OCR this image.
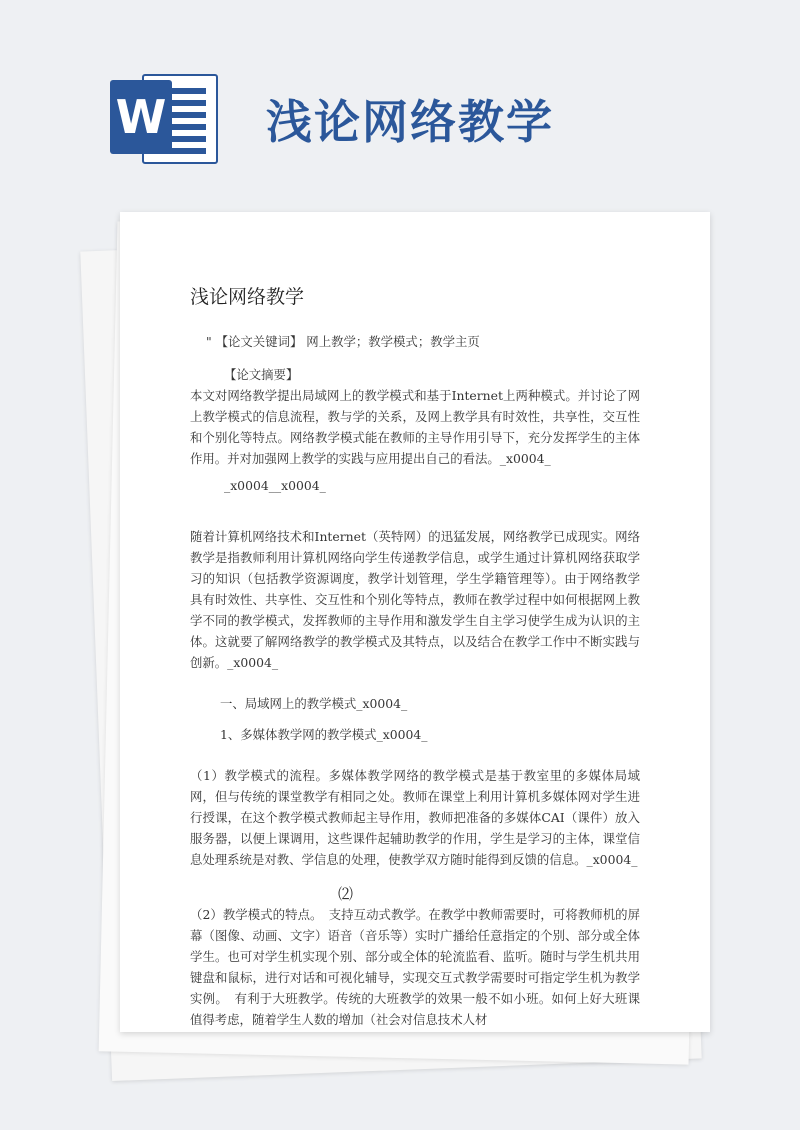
W 浅论网络教学
浅论网络教学

" 【论文关键词】 网上教学；教学模式；教学主页

【论文摘要】

本文对网络教学提出局域网上的教学模式和基于Internet上两种模式。并讨论了网上教学模式的信息流程，教与学的关系，及网上教学具有时效性，共享性，交互性和个别化等特点。网络教学模式能在教师的主导作用引导下，充分发挥学生的主体作用。并对加强网上教学的实践与应用提出自己的看法。_x0004_

_x0004__x0004_

随着计算机网络技术和Internet（英特网）的迅猛发展，网络教学已成现实。网络教学是指教师利用计算机网络向学生传递教学信息，或学生通过计算机网络获取学习的知识（包括教学资源调度，教学计划管理，学生学籍管理等）。由于网络教学具有时效性、共享性、交互性和个别化等特点，教师在教学过程中如何根据网上教学不同的教学模式，发挥教师的主导作用和激发学生自主学习使学生成为认识的主体。这就要了解网络教学的教学模式及其特点，以及结合在教学工作中不断实践与创新。_x0004_

一、局域网上的教学模式_x0004_

1、多媒体教学网的教学模式_x0004_

（1）教学模式的流程。多媒体教学网络的教学模式是基于教室里的多媒体局域网，但与传统的课堂教学有相同之处。教师在课堂上利用计算机多媒体网对学生进行授课，在这个教学模式教师起主导作用，教师把准备的多媒体CAI（课件）放入服务器，以便上课调用，这些课件起辅助教学的作用，学生是学习的主体，课堂信息处理系统是对教、学信息的处理，使教学双方随时能得到反馈的信息。_x0004_

⑵

（2）教学模式的特点。　支持互动式教学。在教学中教师需要时，可将教师机的屏幕（图像、动画、文字）语音（音乐等）实时广播给任意指定的个别、部分或全体学生。也可对学生机实现个别、部分或全体的轮流监看、监听。随时与学生机共用键盘和鼠标，进行对话和可视化辅导，实现交互式教学需要时可指定学生机为教学实例。　有利于大班教学。传统的大班教学的效果一般不如小班。如何上好大班课值得考虑，随着学生人数的增加（社会对信息技术人材
